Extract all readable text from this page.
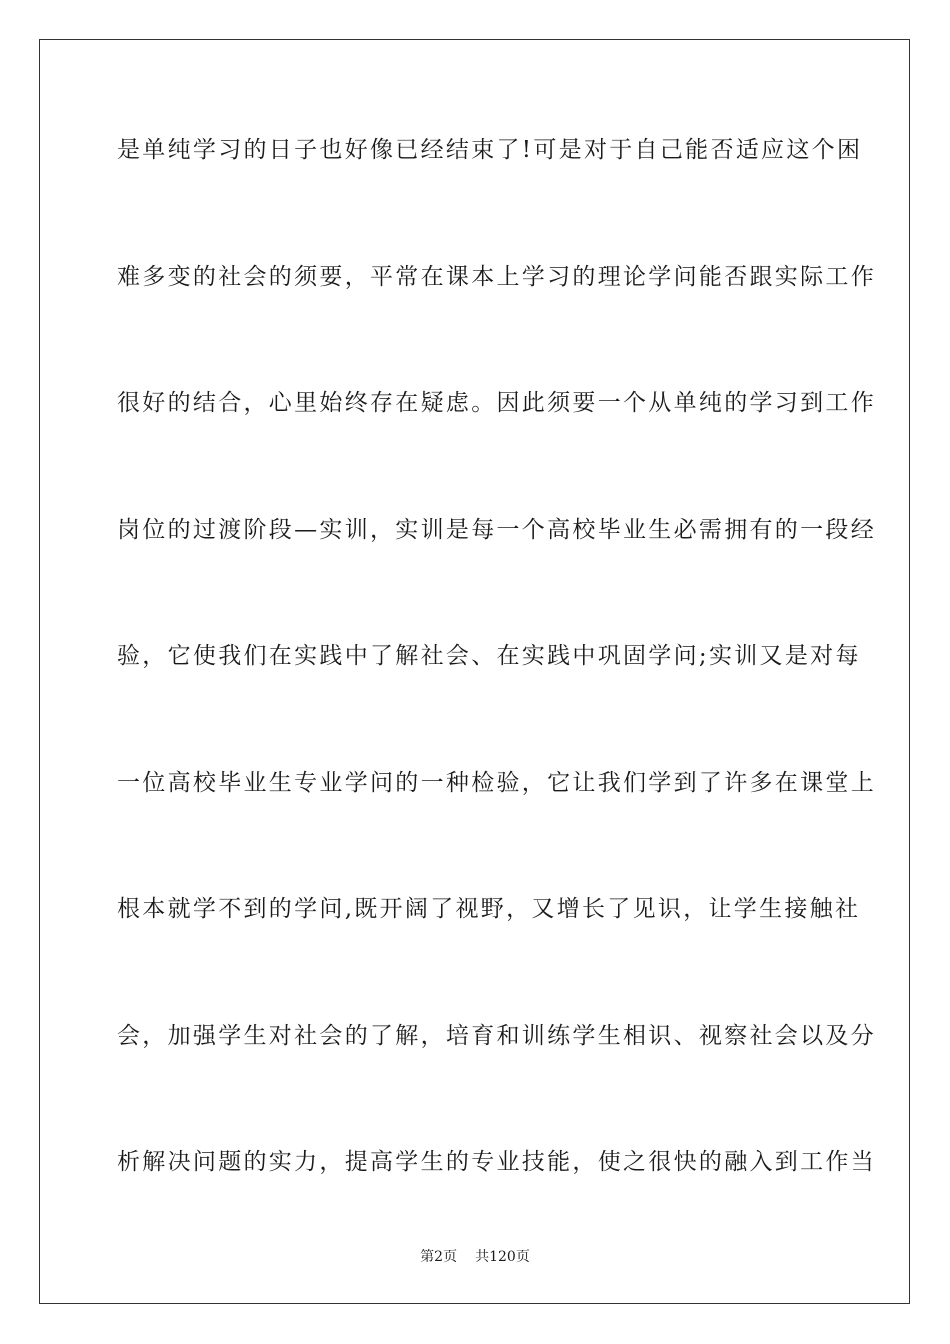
是单纯学习的日子也好像已经结束了!可是对于自己能否适应这个困
难多变的社会的须要，平常在课本上学习的理论学问能否跟实际工作
很好的结合，心里始终存在疑虑。因此须要一个从单纯的学习到工作
岗位的过渡阶段—实训，实训是每一个高校毕业生必需拥有的一段经
验，它使我们在实践中了解社会、在实践中巩固学问;实训又是对每
一位高校毕业生专业学问的一种检验，它让我们学到了许多在课堂上
根本就学不到的学问,既开阔了视野，又增长了见识，让学生接触社
会，加强学生对社会的了解，培育和训练学生相识、视察社会以及分
析解决问题的实力，提高学生的专业技能，使之很快的融入到工作当
第2页 共120页
